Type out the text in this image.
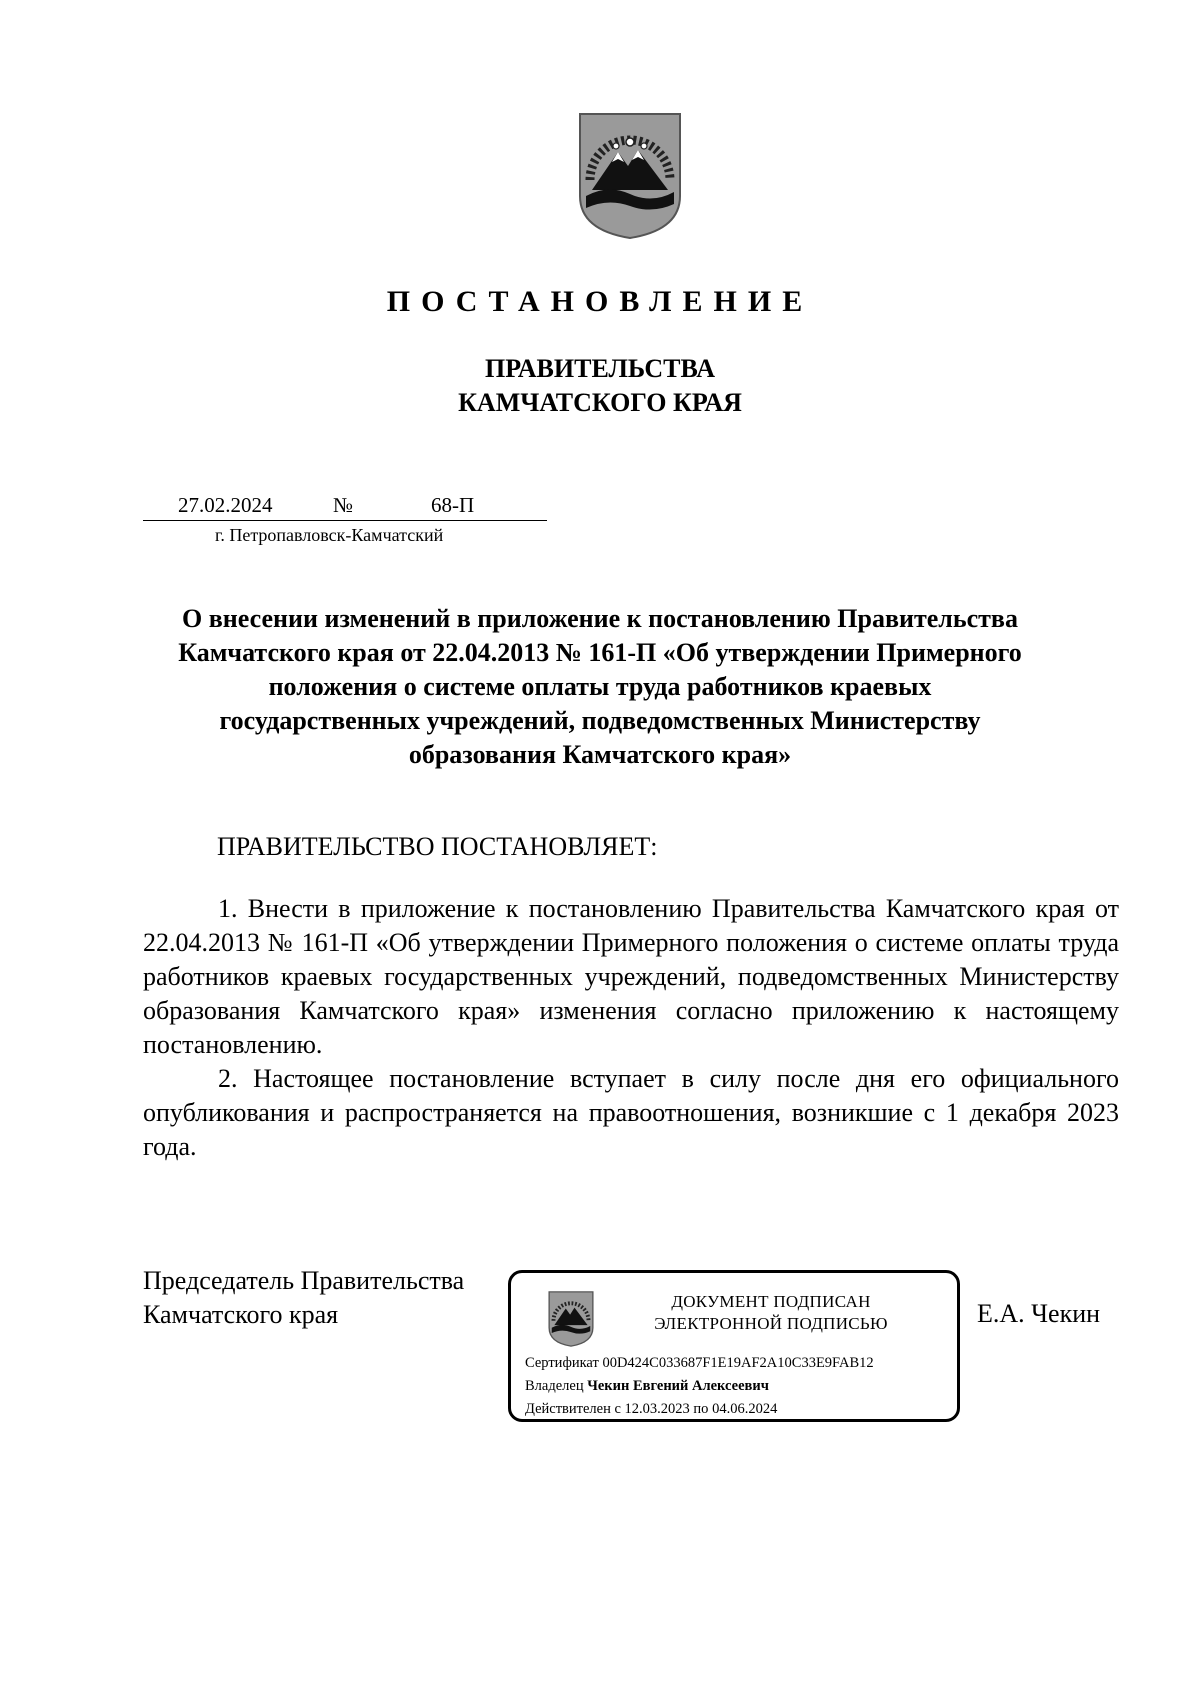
ПОСТАНОВЛЕНИЕ
ПРАВИТЕЛЬСТВА
КАМЧАТСКОГО КРАЯ
27.02.2024	№	68-П
г. Петропавловск-Камчатский
О внесении изменений в приложение к постановлению Правительства
Камчатского края от 22.04.2013 № 161-П «Об утверждении Примерного
положения о системе оплаты труда работников краевых
государственных учреждений, подведомственных Министерству
образования Камчатского края»
ПРАВИТЕЛЬСТВО ПОСТАНОВЛЯЕТ:

1. Внести в приложение к постановлению Правительства Камчатского края от 22.04.2013 № 161-П «Об утверждении Примерного положения о системе оплаты труда работников краевых государственных учреждений, подведомственных Министерству образования Камчатского края» изменения согласно приложению к настоящему постановлению.

2. Настоящее постановление вступает в силу после дня его официального опубликования и распространяется на правоотношения, возникшие с 1 декабря 2023 года.

Председатель Правительства
Камчатского края	Е.А. Чекин
ДОКУМЕНТ ПОДПИСАН
ЭЛЕКТРОННОЙ ПОДПИСЬЮ
Сертификат 00D424C033687F1E19AF2A10C33E9FAB12
Владелец Чекин Евгений Алексеевич
Действителен с 12.03.2023 по 04.06.2024
